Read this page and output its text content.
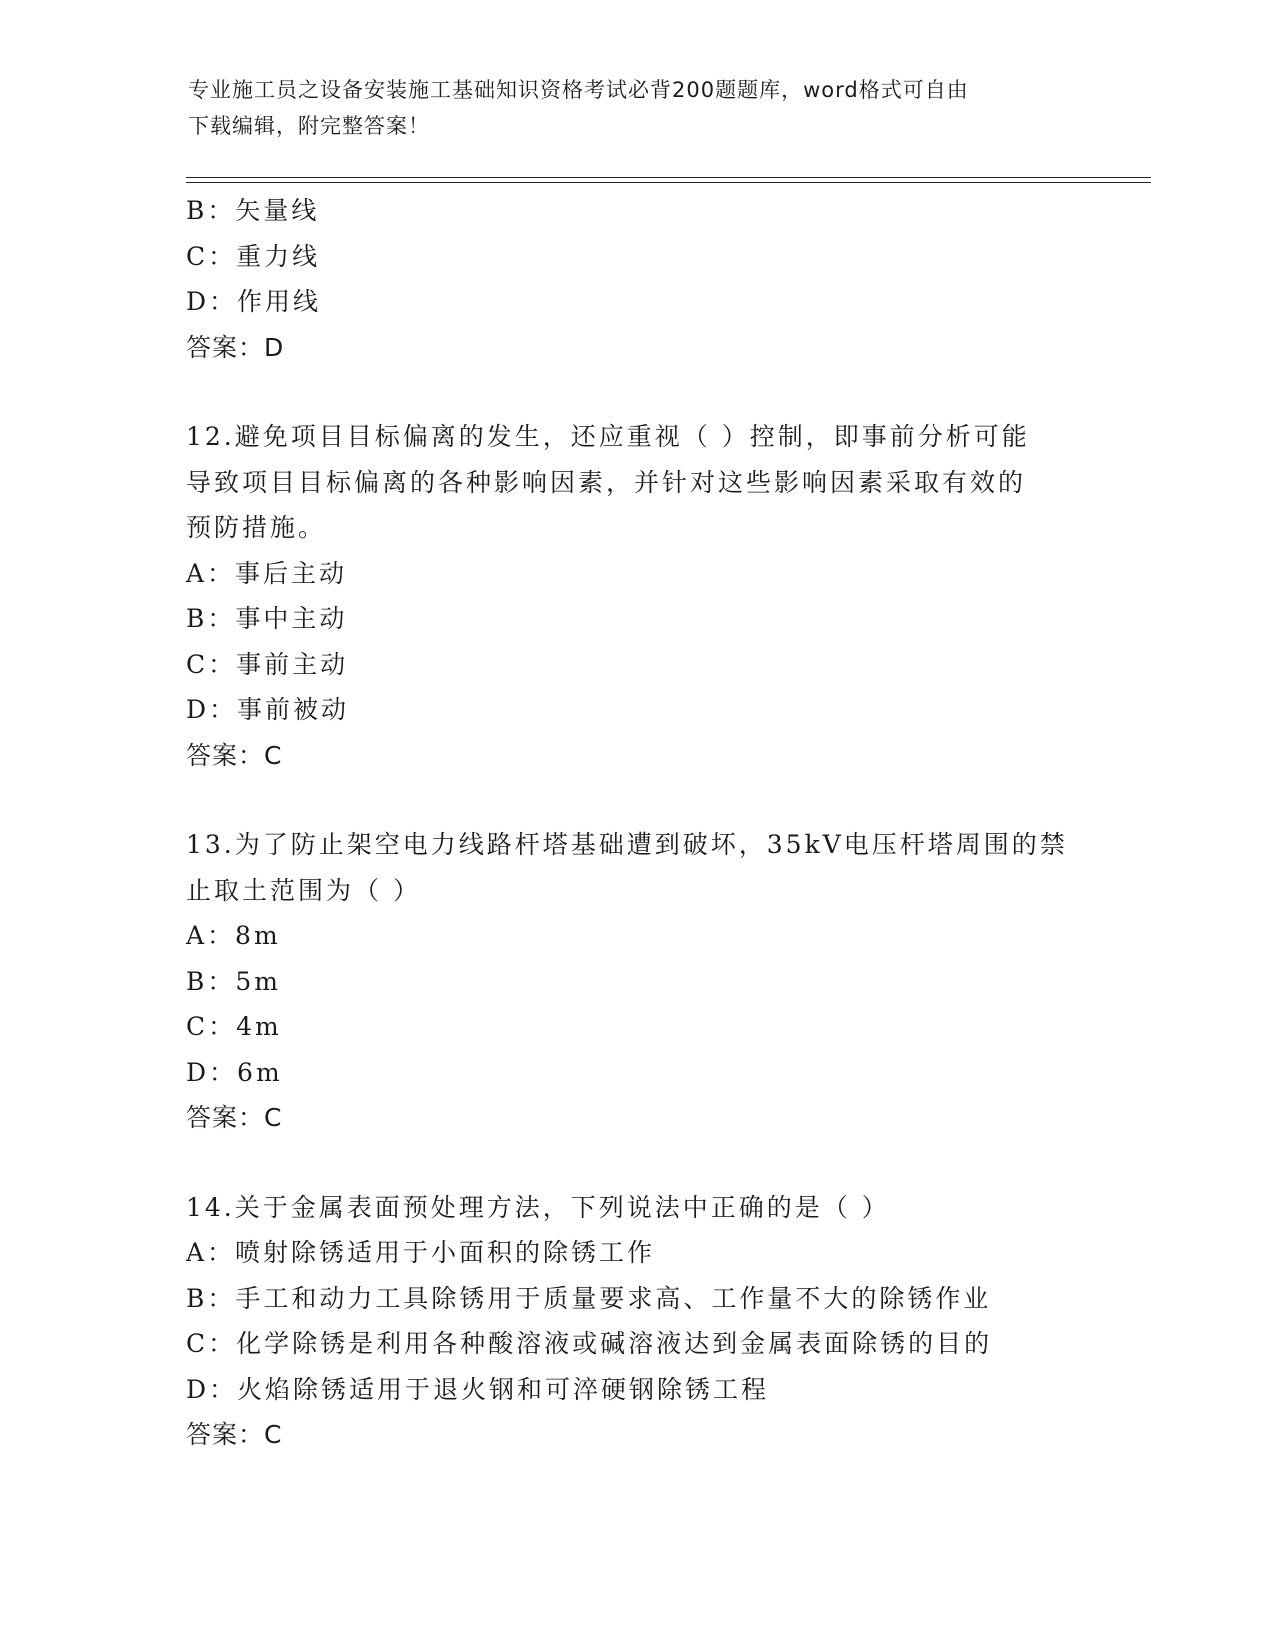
专业施工员之设备安装施工基础知识资格考试必背200题题库，word格式可自由
下载编辑，附完整答案！
B：矢量线
C：重力线
D：作用线
答案：D
12.避免项目目标偏离的发生，还应重视（ ）控制，即事前分析可能
导致项目目标偏离的各种影响因素，并针对这些影响因素采取有效的
预防措施。
A：事后主动
B：事中主动
C：事前主动
D：事前被动
答案：C
13.为了防止架空电力线路杆塔基础遭到破坏，35kV电压杆塔周围的禁
止取土范围为（ ）
A：8m
B：5m
C：4m
D：6m
答案：C
14.关于金属表面预处理方法，下列说法中正确的是（ ）
A：喷射除锈适用于小面积的除锈工作
B：手工和动力工具除锈用于质量要求高、工作量不大的除锈作业
C：化学除锈是利用各种酸溶液或碱溶液达到金属表面除锈的目的
D：火焰除锈适用于退火钢和可淬硬钢除锈工程
答案：C
